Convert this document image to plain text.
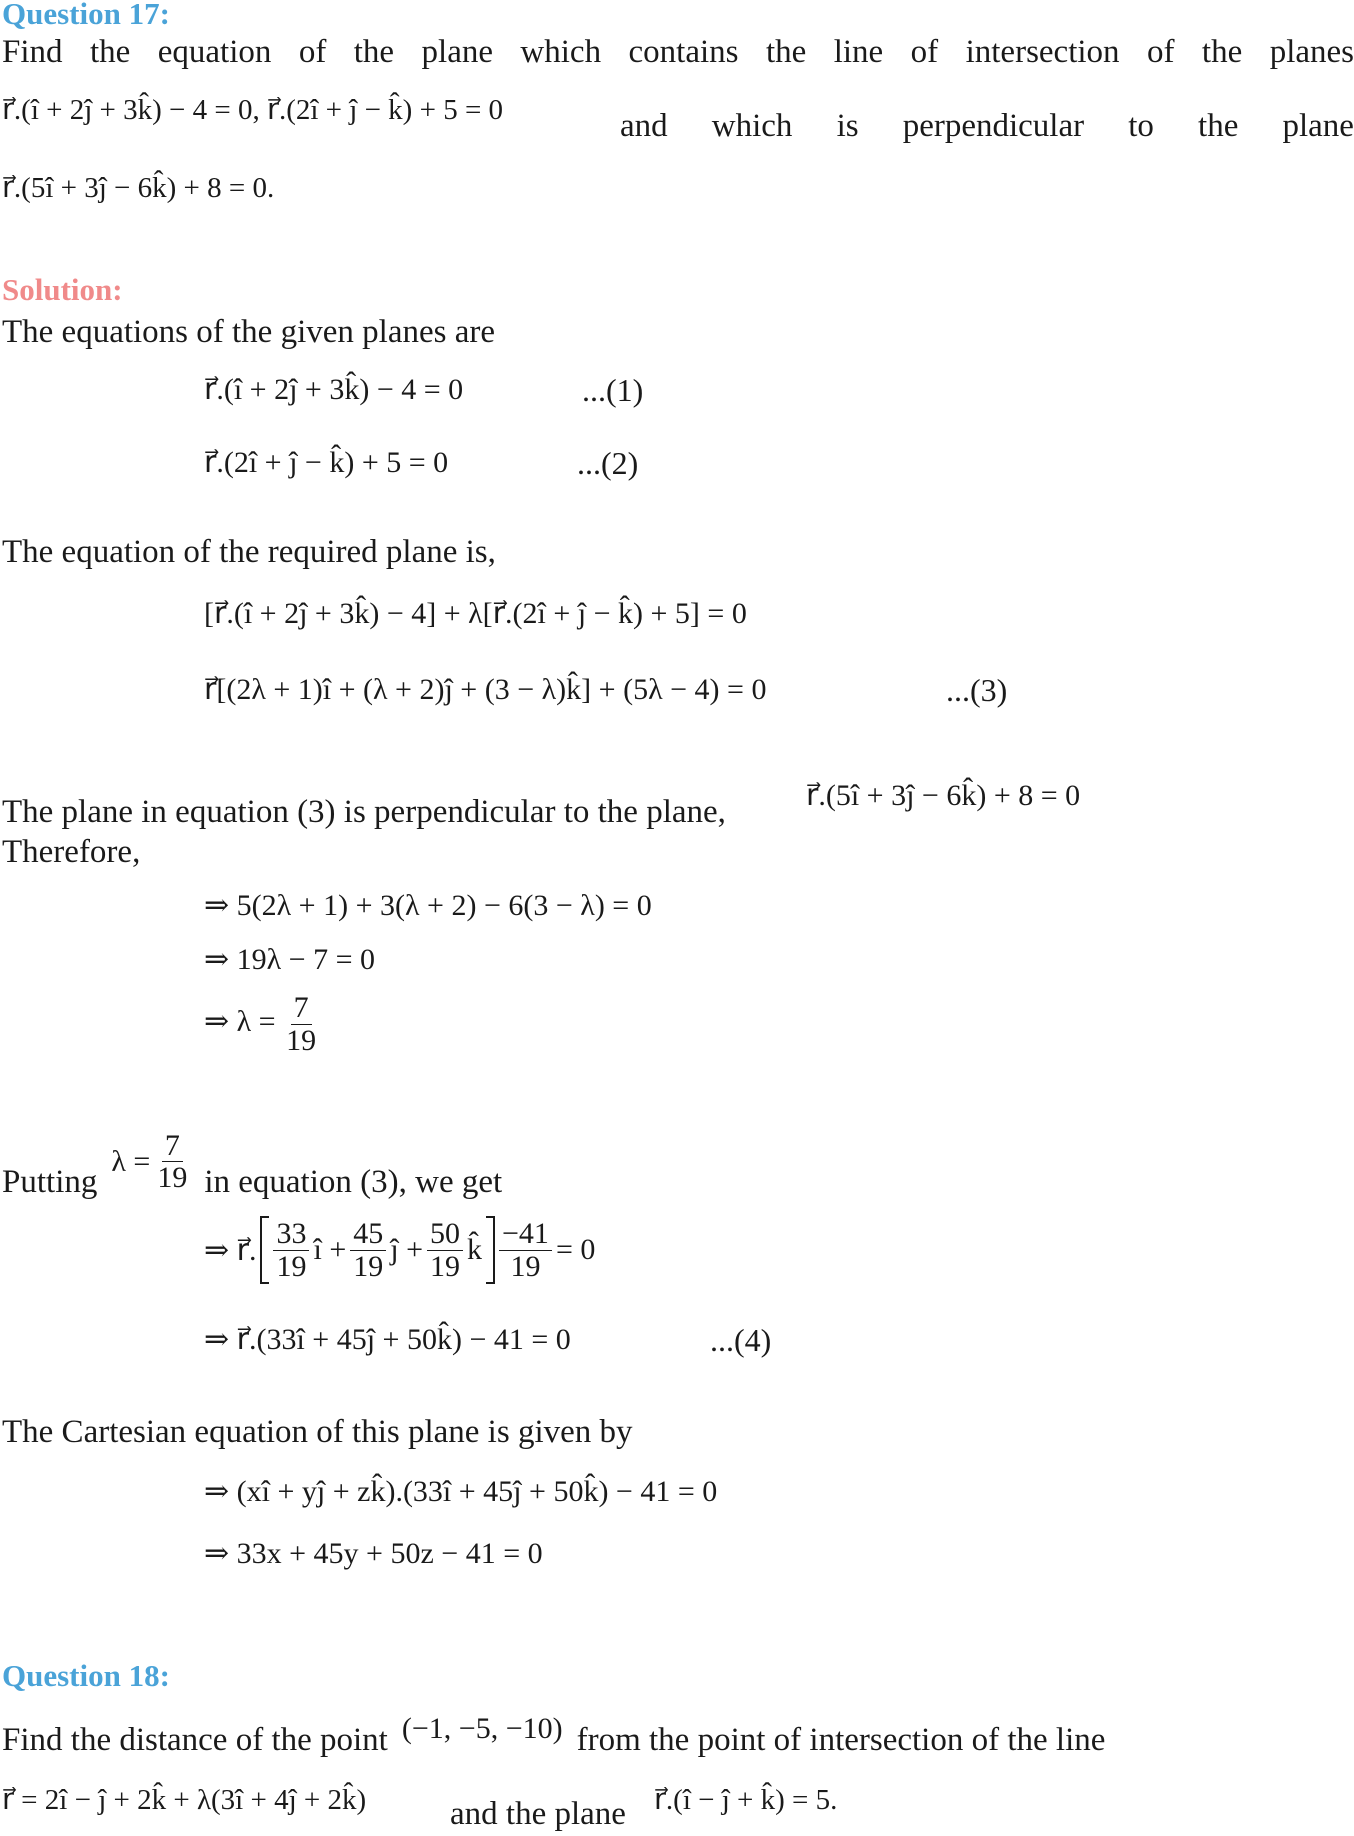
Question 17:
Find the equation of the plane which contains the line of intersection of the planes
r⃗.(î + 2ĵ + 3k̂) − 4 = 0, r⃗.(2î + ĵ − k̂) + 5 = 0	and which is perpendicular to the plane
r⃗.(5î + 3ĵ − 6k̂) + 8 = 0.
Solution:
The equations of the given planes are
r⃗.(î + 2ĵ + 3k̂) − 4 = 0	...(1)
r⃗.(2î + ĵ − k̂) + 5 = 0	...(2)
The equation of the required plane is,
[r⃗.(î + 2ĵ + 3k̂) − 4] + λ[r⃗.(2î + ĵ − k̂) + 5] = 0
r⃗[(2λ + 1)î + (λ + 2)ĵ + (3 − λ)k̂] + (5λ − 4) = 0	...(3)
The plane in equation (3) is perpendicular to the plane,	r⃗.(5î + 3ĵ − 6k̂) + 8 = 0
Therefore,
⇒ 5(2λ + 1) + 3(λ + 2) − 6(3 − λ) = 0
⇒ 19λ − 7 = 0
⇒ $\lambda = \frac{7}{19}$
Putting
$\lambda = \frac{7}{19}$ in equation (3), we get
⇒ r⃗. $\frac{33}{19}$ î + $\frac{45}{19}$ ĵ + $\frac{50}{19}$ k̂ $\frac{-41}{19} = 0$
⇒ r⃗.(33î + 45ĵ + 50k̂) − 41 = 0	...(4)
The Cartesian equation of this plane is given by
⇒ (xî + yĵ + zk̂).(33î + 45ĵ + 50k̂) − 41 = 0
⇒ 33x + 45y + 50z − 41 = 0
Question 18:
Find the distance of the point (−1, −5, −10) from the point of intersection of the line
r⃗ = 2î − ĵ + 2k̂ + λ(3î + 4ĵ + 2k̂)	and the plane r⃗.(î − ĵ + k̂) = 5.
